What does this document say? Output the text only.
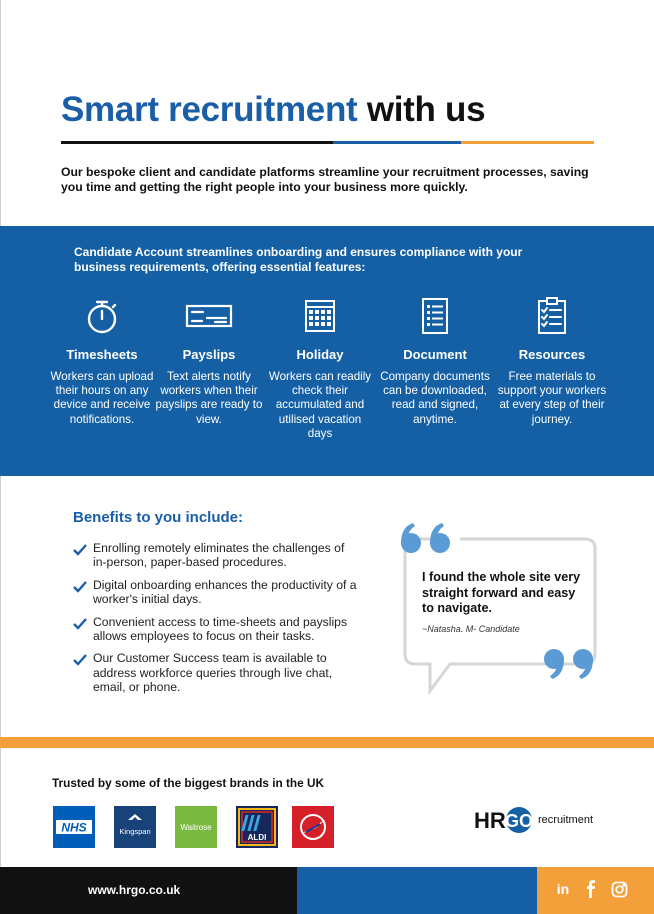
Smart recruitment with us

Our bespoke client and candidate platforms streamline your recruitment processes, saving you time and getting the right people into your business more quickly.

Candidate Account streamlines onboarding and ensures compliance with your business requirements, offering essential features:

Timesheets
Workers can upload their hours on any device and receive notifications.
Payslips
Text alerts notify workers when their payslips are ready to view.
Holiday
Workers can readily check their accumulated and utilised vacation days
Document
Company documents can be downloaded, read and signed, anytime.
Resources
Free materials to support your workers at every step of their journey.
Benefits to you include:
Enrolling remotely eliminates the challenges of in-person, paper-based procedures.
Digital onboarding enhances the productivity of a worker's initial days.
Convenient access to time-sheets and payslips allows employees to focus on their tasks.
Our Customer Success team is available to address workforce queries through live chat, email, or phone.

I found the whole site very straight forward and easy to navigate.

~Natasha. M- Candidate

Trusted by some of the biggest brands in the UK

NHS	Kingspan	Waitrose
ALDI
HR GO recruitment
www.hrgo.co.uk	in
